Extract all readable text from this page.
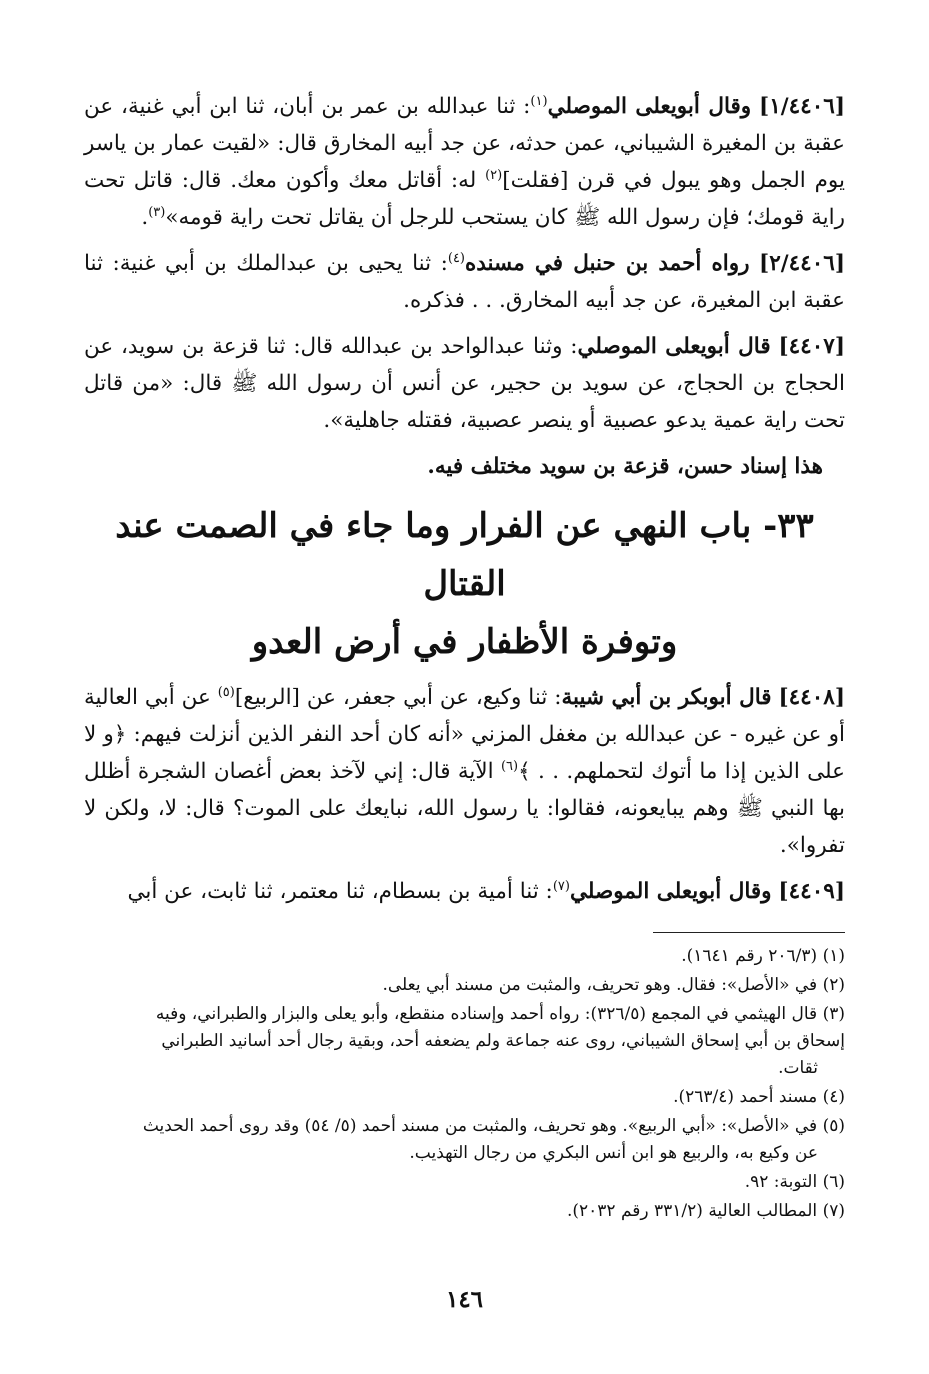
[١/٤٤٠٦] وقال أبويعلى الموصلي$^{(١)}$: ثنا عبدالله بن عمر بن أبان، ثنا ابن أبي غنية، عن عقبة بن المغيرة الشيباني، عمن حدثه، عن جد أبيه المخارق قال: «لقيت عمار بن ياسر يوم الجمل وهو يبول في قرن [فقلت]$^{(٢)}$ له: أقاتل معك وأكون معك. قال: قاتل تحت راية قومك؛ فإن رسول الله ﷺ كان يستحب للرجل أن يقاتل تحت راية قومه»$^{(٣)}$.

[٢/٤٤٠٦] رواه أحمد بن حنبل في مسنده$^{(٤)}$: ثنا يحيى بن عبدالملك بن أبي غنية: ثنا عقبة ابن المغيرة، عن جد أبيه المخارق. . . فذكره.

[٤٤٠٧] قال أبويعلى الموصلي: وثنا عبدالواحد بن عبدالله قال: ثنا قزعة بن سويد، عن الحجاج بن الحجاج، عن سويد بن حجير، عن أنس أن رسول الله ﷺ قال: «من قاتل تحت راية عمية يدعو عصبية أو ينصر عصبية، فقتله جاهلية».

هذا إسناد حسن، قزعة بن سويد مختلف فيه.

٣٣- باب النهي عن الفرار وما جاء في الصمت عند القتال
وتوفرة الأظفار في أرض العدو

[٤٤٠٨] قال أبوبكر بن أبي شيبة: ثنا وكيع، عن أبي جعفر، عن [الربيع]$^{(٥)}$ عن أبي العالية أو عن غيره - عن عبدالله بن مغفل المزني «أنه كان أحد النفر الذين أنزلت فيهم: ﴿و لا على الذين إذا ما أتوك لتحملهم. . . ﴾$^{(٦)}$ الآية قال: إني لآخذ بعض أغصان الشجرة أظلل بها النبي ﷺ وهم يبايعونه، فقالوا: يا رسول الله، نبايعك على الموت؟ قال: لا، ولكن لا تفروا».

[٤٤٠٩] وقال أبويعلى الموصلي$^{(٧)}$: ثنا أمية بن بسطام، ثنا معتمر، ثنا ثابت، عن أبي

(١) (٢٠٦/٣ رقم ١٦٤١).
(٢) في «الأصل»: فقال. وهو تحريف، والمثبت من مسند أبي يعلى.
(٣) قال الهيثمي في المجمع (٣٢٦/٥): رواه أحمد وإسناده منقطع، وأبو يعلى والبزار والطبراني، وفيه
إسحاق بن أبي إسحاق الشيباني، روى عنه جماعة ولم يضعفه أحد، وبقية رجال أحد أسانيد الطبراني
ثقات.
(٤) مسند أحمد (٢٦٣/٤).
(٥) في «الأصل»: «أبي الربيع». وهو تحريف، والمثبت من مسند أحمد (٥/ ٥٤) وقد روى أحمد الحديث
عن وكيع به، والربيع هو ابن أنس البكري من رجال التهذيب.
(٦) التوبة: ٩٢.
(٧) المطالب العالية (٣٣١/٢ رقم ٢٠٣٢).
١٤٦
